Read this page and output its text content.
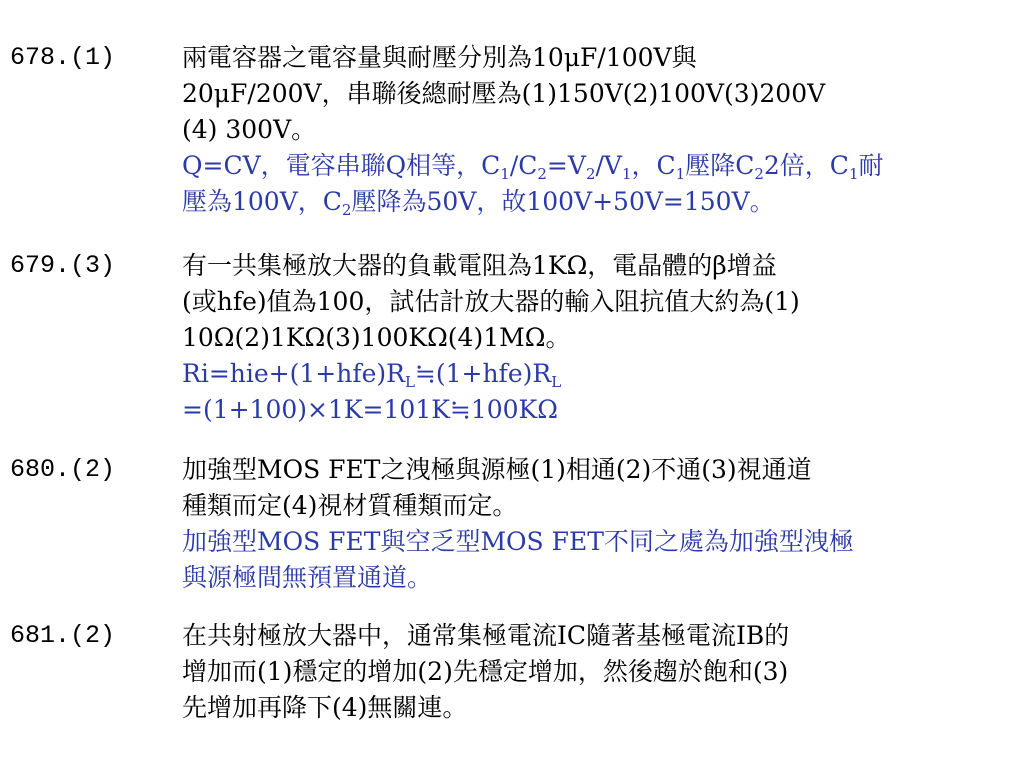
678.(1)	兩電容器之電容量與耐壓分別為10μF/100V與
20μF/200V，串聯後總耐壓為(1)150V(2)100V(3)200V
(4) 300V。
Q=CV，電容串聯Q相等，$C_1/C_2=V_2/V_1$，$C_1$壓降$C_22$倍，$C_1$耐
壓為100V，$C_2$壓降為50V，故100V+50V=150V。
679.(3)	有一共集極放大器的負載電阻為1KΩ，電晶體的β增益
(或hfe)值為100，試估計放大器的輸入阻抗值大約為(1)
10Ω(2)1KΩ(3)100KΩ(4)1MΩ。
$Ri=hie+(1+hfe)R_L≒(1+hfe)R_L$
=(1+100)×1K=101K≒100KΩ
680.(2)	加強型MOS FET之洩極與源極(1)相通(2)不通(3)視通道
種類而定(4)視材質種類而定。
加強型MOS FET與空乏型MOS FET不同之處為加強型洩極
與源極間無預置通道。
681.(2)	在共射極放大器中，通常集極電流IC隨著基極電流IB的
增加而(1)穩定的增加(2)先穩定增加，然後趨於飽和(3)
先增加再降下(4)無關連。
